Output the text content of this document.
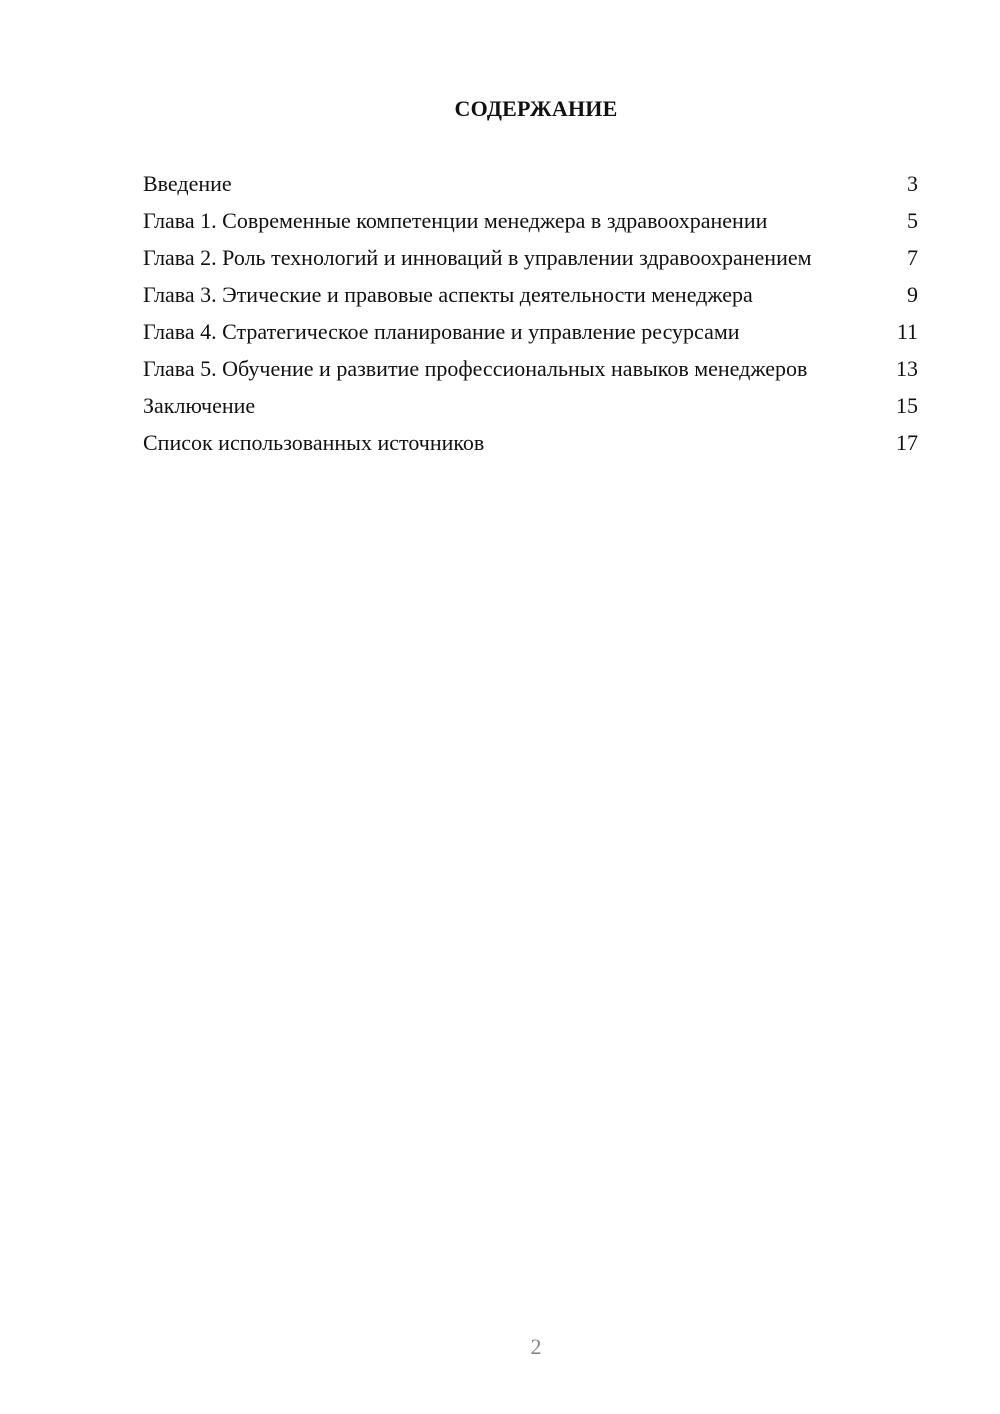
СОДЕРЖАНИЕ
Введение	3
Глава 1. Современные компетенции менеджера в здравоохранении	5
Глава 2. Роль технологий и инноваций в управлении здравоохранением	7
Глава 3. Этические и правовые аспекты деятельности менеджера	9
Глава 4. Стратегическое планирование и управление ресурсами	11
Глава 5. Обучение и развитие профессиональных навыков менеджеров	13
Заключение	15
Список использованных источников	17
2
